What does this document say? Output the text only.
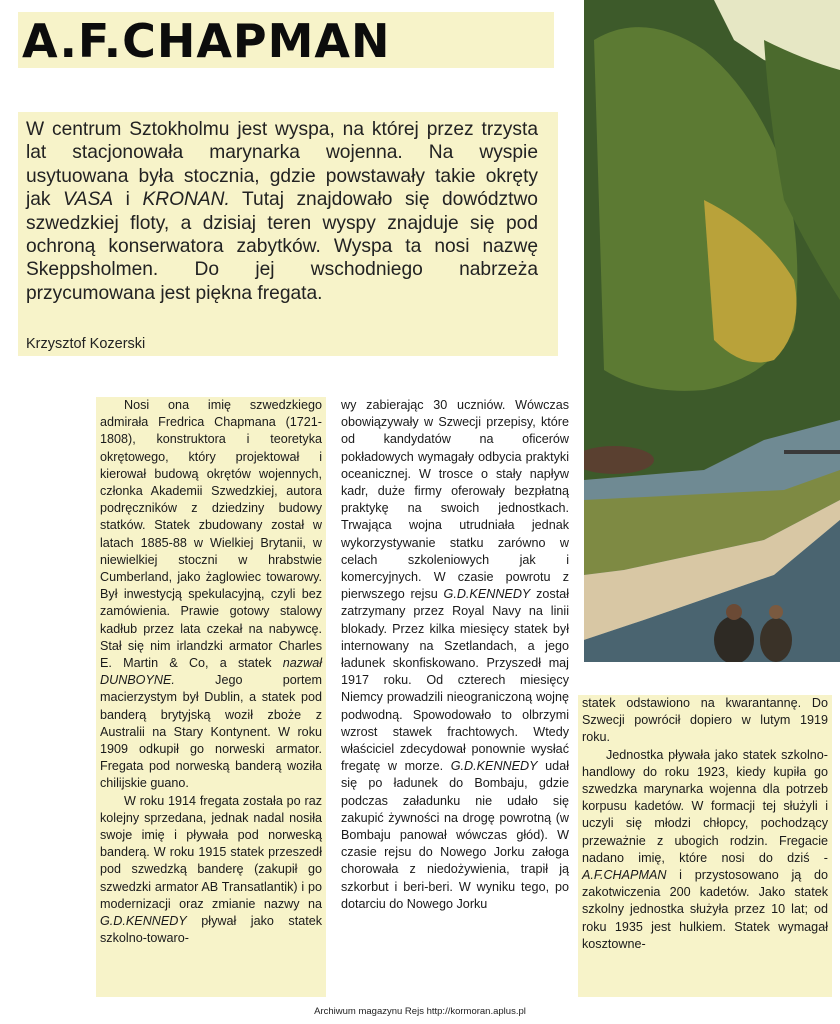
A.F.CHAPMAN

W centrum Sztokholmu jest wyspa, na której przez trzysta lat stacjonowała marynarka wojenna. Na wyspie usytuowana była stocznia, gdzie powstawały takie okręty jak VASA i KRONAN. Tutaj znajdowało się dowództwo szwedzkiej floty, a dzisiaj teren wyspy znajduje się pod ochroną konserwatora zabytków. Wyspa ta nosi nazwę Skeppsholmen. Do jej wschodniego nabrzeża przycumowana jest piękna fregata.

Krzysztof Kozerski

Nosi ona imię szwedzkiego admirała Fredrica Chapmana (1721-1808), konstruktora i teoretyka okrętowego, który projektował i kierował budową okrętów wojennych, członka Akademii Szwedzkiej, autora podręczników z dziedziny budowy statków. Statek zbudowany został w latach 1885-88 w Wielkiej Brytanii, w niewielkiej stoczni w hrabstwie Cumberland, jako żaglowiec towarowy. Był inwestycją spekulacyjną, czyli bez zamówienia. Prawie gotowy stalowy kadłub przez lata czekał na nabywcę. Stał się nim irlandzki armator Charles E. Martin & Co, a statek nazwał DUNBOYNE. Jego portem macierzystym był Dublin, a statek pod banderą brytyjską woził zboże z Australii na Stary Kontynent. W roku 1909 odkupił go norweski armator. Fregata pod norweską banderą woziła chilijskie guano.

W roku 1914 fregata została po raz kolejny sprzedana, jednak nadal nosiła swoje imię i pływała pod norweską banderą. W roku 1915 statek przeszedł pod szwedzką banderę (zakupił go szwedzki armator AB Transatlantik) i po modernizacji oraz zmianie nazwy na G.D.KENNEDY pływał jako statek szkolno-towaro-

wy zabierając 30 uczniów. Wówczas obowiązywały w Szwecji przepisy, które od kandydatów na oficerów pokładowych wymagały odbycia praktyki oceanicznej. W trosce o stały napływ kadr, duże firmy oferowały bezpłatną praktykę na swoich jednostkach. Trwająca wojna utrudniała jednak wykorzystywanie statku zarówno w celach szkoleniowych jak i komercyjnych. W czasie powrotu z pierwszego rejsu G.D.KENNEDY został zatrzymany przez Royal Navy na linii blokady. Przez kilka miesięcy statek był internowany na Szetlandach, a jego ładunek skonfiskowano. Przyszedł maj 1917 roku. Od czterech miesięcy Niemcy prowadzili nieograniczoną wojnę podwodną. Spowodowało to olbrzymi wzrost stawek frachtowych. Wtedy właściciel zdecydował ponownie wysłać fregatę w morze. G.D.KENNEDY udał się po ładunek do Bombaju, gdzie podczas załadunku nie udało się zakupić żywności na drogę powrotną (w Bombaju panował wówczas głód). W czasie rejsu do Nowego Jorku załoga chorowała z niedożywienia, trapił ją szkorbut i beri-beri. W wyniku tego, po dotarciu do Nowego Jorku

statek odstawiono na kwarantannę. Do Szwecji powrócił dopiero w lutym 1919 roku.

Jednostka pływała jako statek szkolno-handlowy do roku 1923, kiedy kupiła go szwedzka marynarka wojenna dla potrzeb korpusu kadetów. W formacji tej służyli i uczyli się młodzi chłopcy, pochodzący przeważnie z ubogich rodzin. Fregacie nadano imię, które nosi do dziś - A.F.CHAPMAN i przystosowano ją do zakotwiczenia 200 kadetów. Jako statek szkolny jednostka służyła przez 10 lat; od roku 1935 jest hulkiem. Statek wymagał kosztowne-

Archiwum magazynu Rejs http://kormoran.aplus.pl
